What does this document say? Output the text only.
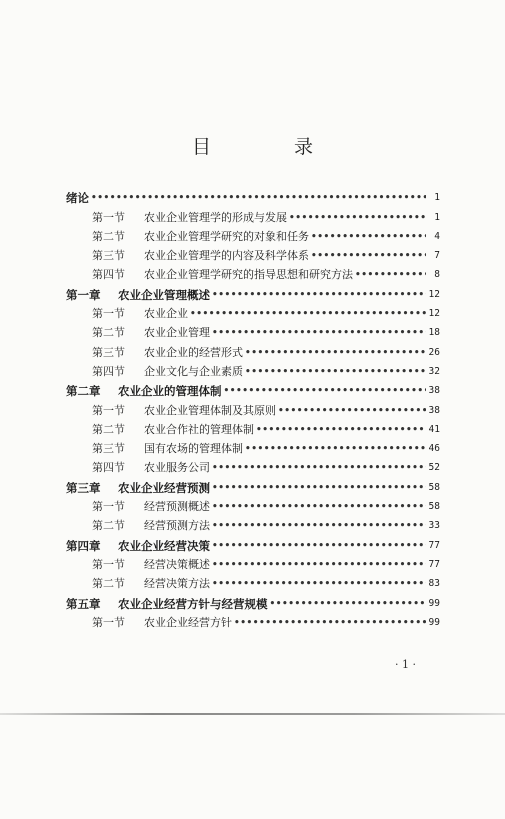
目　录
绪论 •••••	1
第一节	农业企业管理学的形成与发展 •••••	1
第二节	农业企业管理学研究的对象和任务 •••••	4
第三节	农业企业管理学的内容及科学体系 •••••	7
第四节	农业企业管理学研究的指导思想和研究方法 •••••	8
第一章	农业企业管理概述 •••••	12
第一节	农业企业 •••••	12
第二节	农业企业管理 •••••	18
第三节	农业企业的经营形式 •••••	26
第四节	企业文化与企业素质 •••••	32
第二章	农业企业的管理体制 •••••	38
第一节	农业企业管理体制及其原则 •••••	38
第二节	农业合作社的管理体制 •••••	41
第三节	国有农场的管理体制 •••••	46
第四节	农业服务公司 •••••	52
第三章	农业企业经营预测 •••••	58
第一节	经营预测概述 •••••	58
第二节	经营预测方法 •••••	33
第四章	农业企业经营决策 •••••	77
第一节	经营决策概述 •••••	77
第二节	经营决策方法 •••••	83
第五章	农业企业经营方针与经营规模 •••••	99
第一节	农业企业经营方针 •••••	99
· 1 ·
